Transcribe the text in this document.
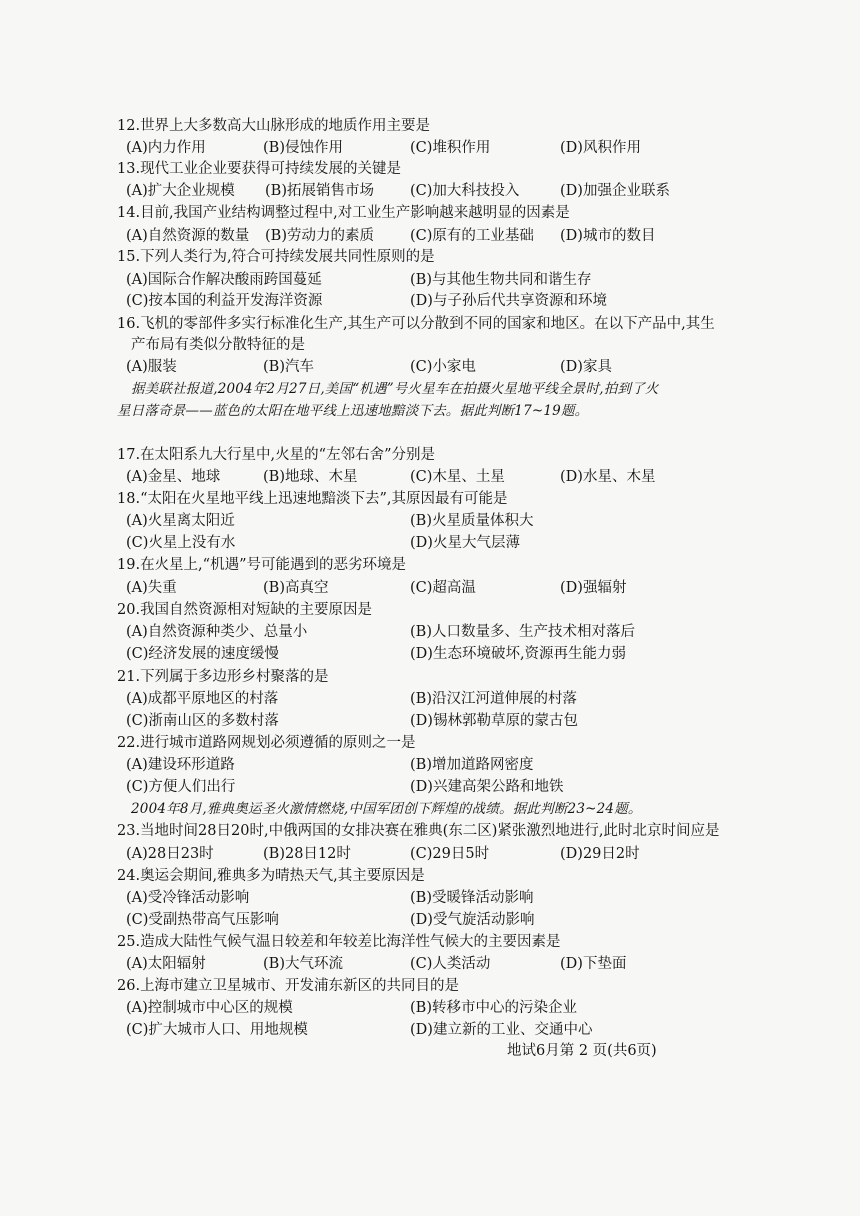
12.世界上大多数高大山脉形成的地质作用主要是
(A)内力作用	(B)侵蚀作用	(C)堆积作用	(D)风积作用
13.现代工业企业要获得可持续发展的关键是
(A)扩大企业规模 (B)拓展销售市场 (C)加大科技投入	(D)加强企业联系
14.目前,我国产业结构调整过程中,对工业生产影响越来越明显的因素是
(A)自然资源的数量 (B)劳动力的素质 (C)原有的工业基础 (D)城市的数目
15.下列人类行为,符合可持续发展共同性原则的是
(A)国际合作解决酸雨跨国蔓延	(B)与其他生物共同和谐生存
(C)按本国的利益开发海洋资源	(D)与子孙后代共享资源和环境
16.飞机的零部件多实行标准化生产,其生产可以分散到不同的国家和地区。在以下产品中,其生
产布局有类似分散特征的是
(A)服装	(B)汽车	(C)小家电	(D)家具
17.在太阳系九大行星中,火星的“左邻右舍”分别是
(A)金星、地球	(B)地球、木星	(C)木星、土星	(D)水星、木星
18.“太阳在火星地平线上迅速地黯淡下去”,其原因最有可能是
(A)火星离太阳近	(B)火星质量体积大
(C)火星上没有水	(D)火星大气层薄
19.在火星上,“机遇”号可能遇到的恶劣环境是
(A)失重	(B)高真空	(C)超高温	(D)强辐射
20.我国自然资源相对短缺的主要原因是
(A)自然资源种类少、总量小	(B)人口数量多、生产技术相对落后
(C)经济发展的速度缓慢	(D)生态环境破坏,资源再生能力弱
21.下列属于多边形乡村聚落的是
(A)成都平原地区的村落	(B)沿汉江河道伸展的村落
(C)浙南山区的多数村落	(D)锡林郭勒草原的蒙古包
22.进行城市道路网规划必须遵循的原则之一是
(A)建设环形道路	(B)增加道路网密度
(C)方便人们出行	(D)兴建高架公路和地铁
23.当地时间28日20时,中俄两国的女排决赛在雅典(东二区)紧张激烈地进行,此时北京时间应是
(A)28日23时	(B)28日12时	(C)29日5时	(D)29日2时
24.奥运会期间,雅典多为晴热天气,其主要原因是
(A)受冷锋活动影响	(B)受暖锋活动影响
(C)受副热带高气压影响	(D)受气旋活动影响
25.造成大陆性气候气温日较差和年较差比海洋性气候大的主要因素是
(A)太阳辐射	(B)大气环流	(C)人类活动	(D)下垫面
26.上海市建立卫星城市、开发浦东新区的共同目的是
(A)控制城市中心区的规模	(B)转移市中心的污染企业
(C)扩大城市人口、用地规模	(D)建立新的工业、交通中心
据美联社报道,2004年2月27日,美国“机遇”号火星车在拍摄火星地平线全景时,拍到了火
星日落奇景——蓝色的太阳在地平线上迅速地黯淡下去。据此判断17~19题。
2004年8月,雅典奥运圣火激情燃烧,中国军团创下辉煌的战绩。据此判断23~24题。
地试6月第 2 页(共6页)
